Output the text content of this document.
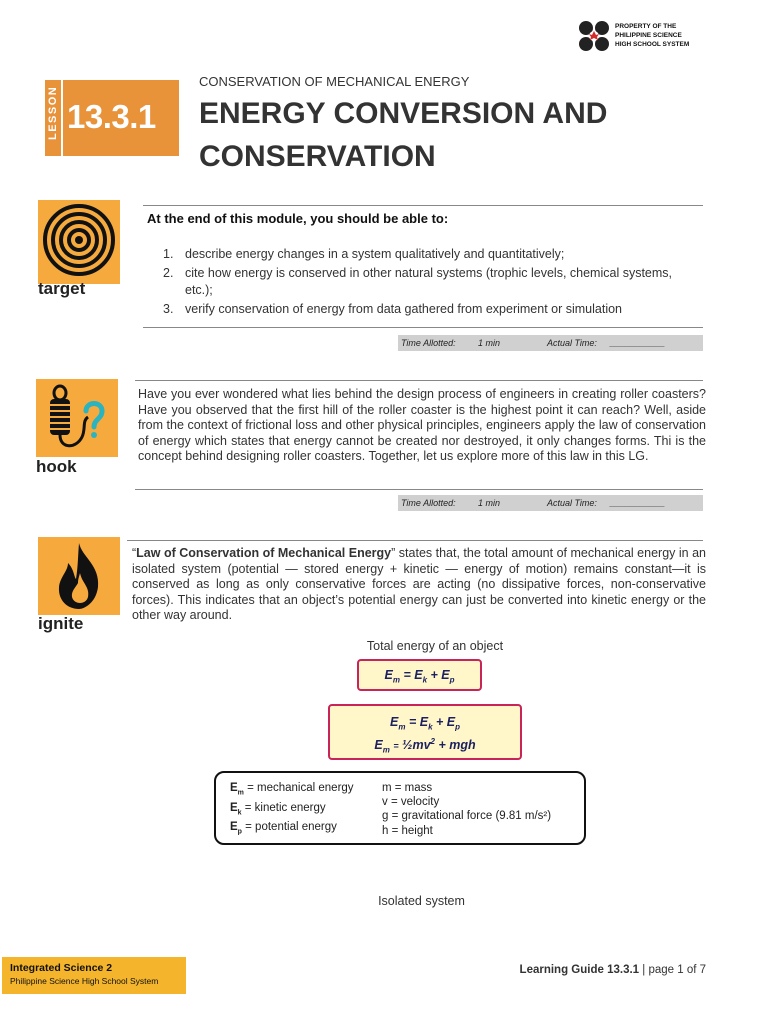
PROPERTY OF THE
PHILIPPINE SCIENCE
HIGH SCHOOL SYSTEM
LESSON 13.3.1
CONSERVATION OF MECHANICAL ENERGY
ENERGY CONVERSION AND CONSERVATION
target
At the end of this module, you should be able to:
1. describe energy changes in a system qualitatively and quantitatively;
2. cite how energy is conserved in other natural systems (trophic levels, chemical systems, etc.);
3. verify conservation of energy from data gathered from experiment or simulation
Time Allotted: 1 min	Actual Time: ___________
hook
Have you ever wondered what lies behind the design process of engineers in creating roller coasters? Have you observed that the first hill of the roller coaster is the highest point it can reach? Well, aside from the context of frictional loss and other physical principles, engineers apply the law of conservation of energy which states that energy cannot be created nor destroyed, it only changes forms. Thi is the concept behind designing roller coasters. Together, let us explore more of this law in this LG.
Time Allotted: 1 min	Actual Time: ___________
ignite
“Law of Conservation of Mechanical Energy” states that, the total amount of mechanical energy in an isolated system (potential — stored energy + kinetic — energy of motion) remains constant—it is conserved as long as only conservative forces are acting (no dissipative forces, non-conservative forces). This indicates that an object’s potential energy can just be converted into kinetic energy or the other way around.
Total energy of an object
$E_m = E_k + E_p$
$E_m = E_k + E_p$
$E_m$ = $\frac{1}{2}mv^2$ + mgh
$E_m$ = mechanical energy
$E_k$ = kinetic energy
$E_p$ = potential energy
m = mass
v = velocity
g = gravitational force (9.81 m/s²)
h = height
Isolated system
Integrated Science 2
Philippine Science High School System
Learning Guide 13.3.1 | page 1 of 7
